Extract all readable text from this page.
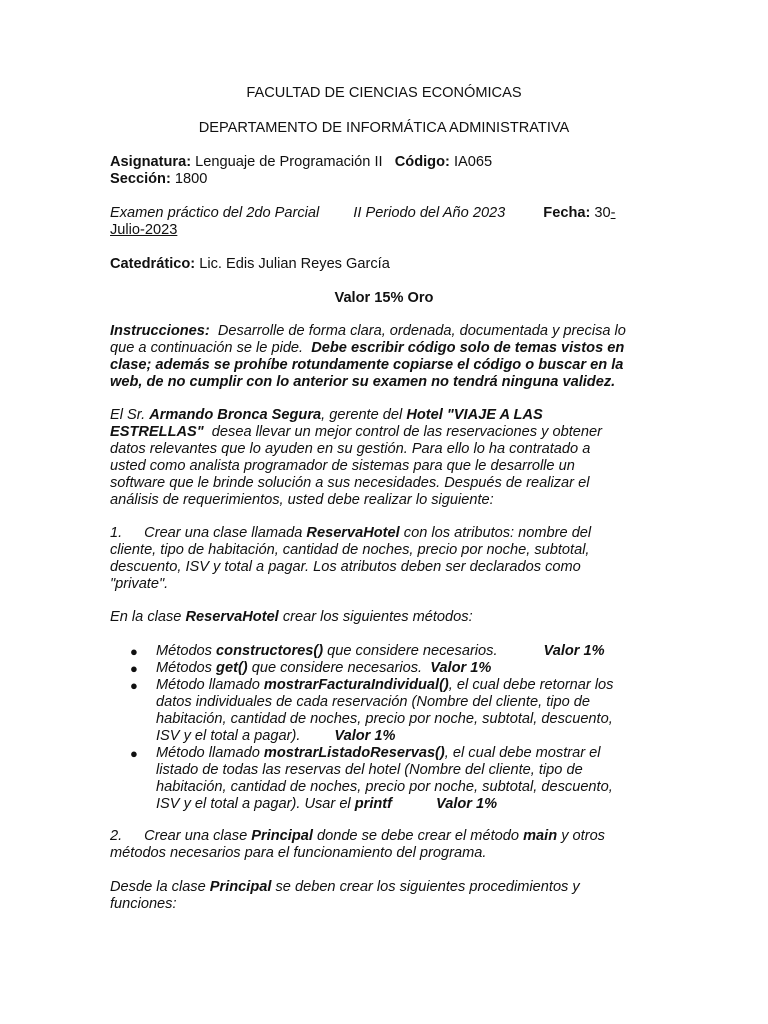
FACULTAD DE CIENCIAS ECONÓMICAS

DEPARTAMENTO DE INFORMÁTICA ADMINISTRATIVA

Asignatura: Lenguaje de Programación II Código: IA065

Sección: 1800

Examen práctico del 2do Parcial II Periodo del Año 2023	Fecha: 30-

Julio-2023

Catedrático: Lic. Edis Julian Reyes García

Valor 15% Oro

Instrucciones: Desarrolle de forma clara, ordenada, documentada y precisa lo
que a continuación se le pide. Debe escribir código solo de temas vistos en
clase; además se prohíbe rotundamente copiarse el código o buscar en la
web, de no cumplir con lo anterior su examen no tendrá ninguna validez.

El Sr. Armando Bronca Segura, gerente del Hotel "VIAJE A LAS
ESTRELLAS" desea llevar un mejor control de las reservaciones y obtener
datos relevantes que lo ayuden en su gestión. Para ello lo ha contratado a
usted como analista programador de sistemas para que le desarrolle un
software que le brinde solución a sus necesidades. Después de realizar el
análisis de requerimientos, usted debe realizar lo siguiente:

1. Crear una clase llamada ReservaHotel con los atributos: nombre del
cliente, tipo de habitación, cantidad de noches, precio por noche, subtotal,
descuento, ISV y total a pagar. Los atributos deben ser declarados como
"private".

En la clase ReservaHotel crear los siguientes métodos:

● Métodos constructores() que considere necesarios.	Valor 1%
● Métodos get() que considere necesarios. Valor 1%
● Método llamado mostrarFacturaIndividual(), el cual debe retornar los
datos individuales de cada reservación (Nombre del cliente, tipo de
habitación, cantidad de noches, precio por noche, subtotal, descuento,
ISV y el total a pagar). Valor 1%
● Método llamado mostrarListadoReservas(), el cual debe mostrar el
listado de todas las reservas del hotel (Nombre del cliente, tipo de
habitación, cantidad de noches, precio por noche, subtotal, descuento,
ISV y el total a pagar). Usar el printf	Valor 1%

2. Crear una clase Principal donde se debe crear el método main y otros
métodos necesarios para el funcionamiento del programa.

Desde la clase Principal se deben crear los siguientes procedimientos y
funciones:
